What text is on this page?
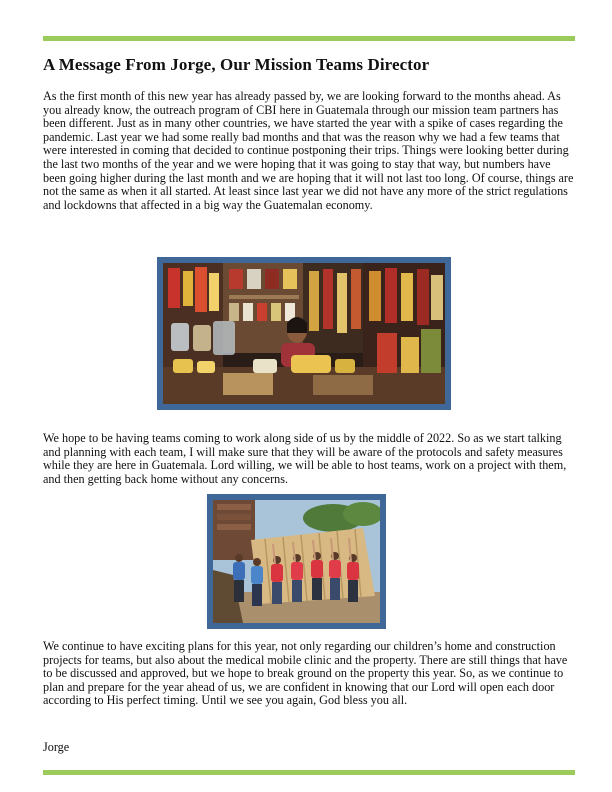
A Message From Jorge, Our Mission Teams Director

As the first month of this new year has already passed by, we are looking forward to the months ahead. As you already know, the outreach program of CBI here in Guatemala through our mission team partners has been different. Just as in many other countries, we have started the year with a spike of cases regarding the pandemic. Last year we had some really bad months and that was the reason why we had a few teams that were interested in coming that decided to continue postponing their trips. Things were looking better during the last two months of the year and we were hoping that it was going to stay that way, but numbers have been going higher during the last month and we are hoping that it will not last too long. Of course, things are not the same as when it all started. At least since last year we did not have any more of the strict regulations and lockdowns that affected in a big way the Guatemalan economy.

We hope to be having teams coming to work along side of us by the middle of 2022. So as we start talking and planning with each team, I will make sure that they will be aware of the protocols and safety measures while they are here in Guatemala. Lord willing, we will be able to host teams, work on a project with them, and then getting back home without any concerns.

We continue to have exciting plans for this year, not only regarding our children’s home and construction projects for teams, but also about the medical mobile clinic and the property. There are still things that have to be discussed and approved, but we hope to break ground on the property this year. So, as we continue to plan and prepare for the year ahead of us, we are confident in knowing that our Lord will open each door according to His perfect timing. Until we see you again, God bless you all.

Jorge
